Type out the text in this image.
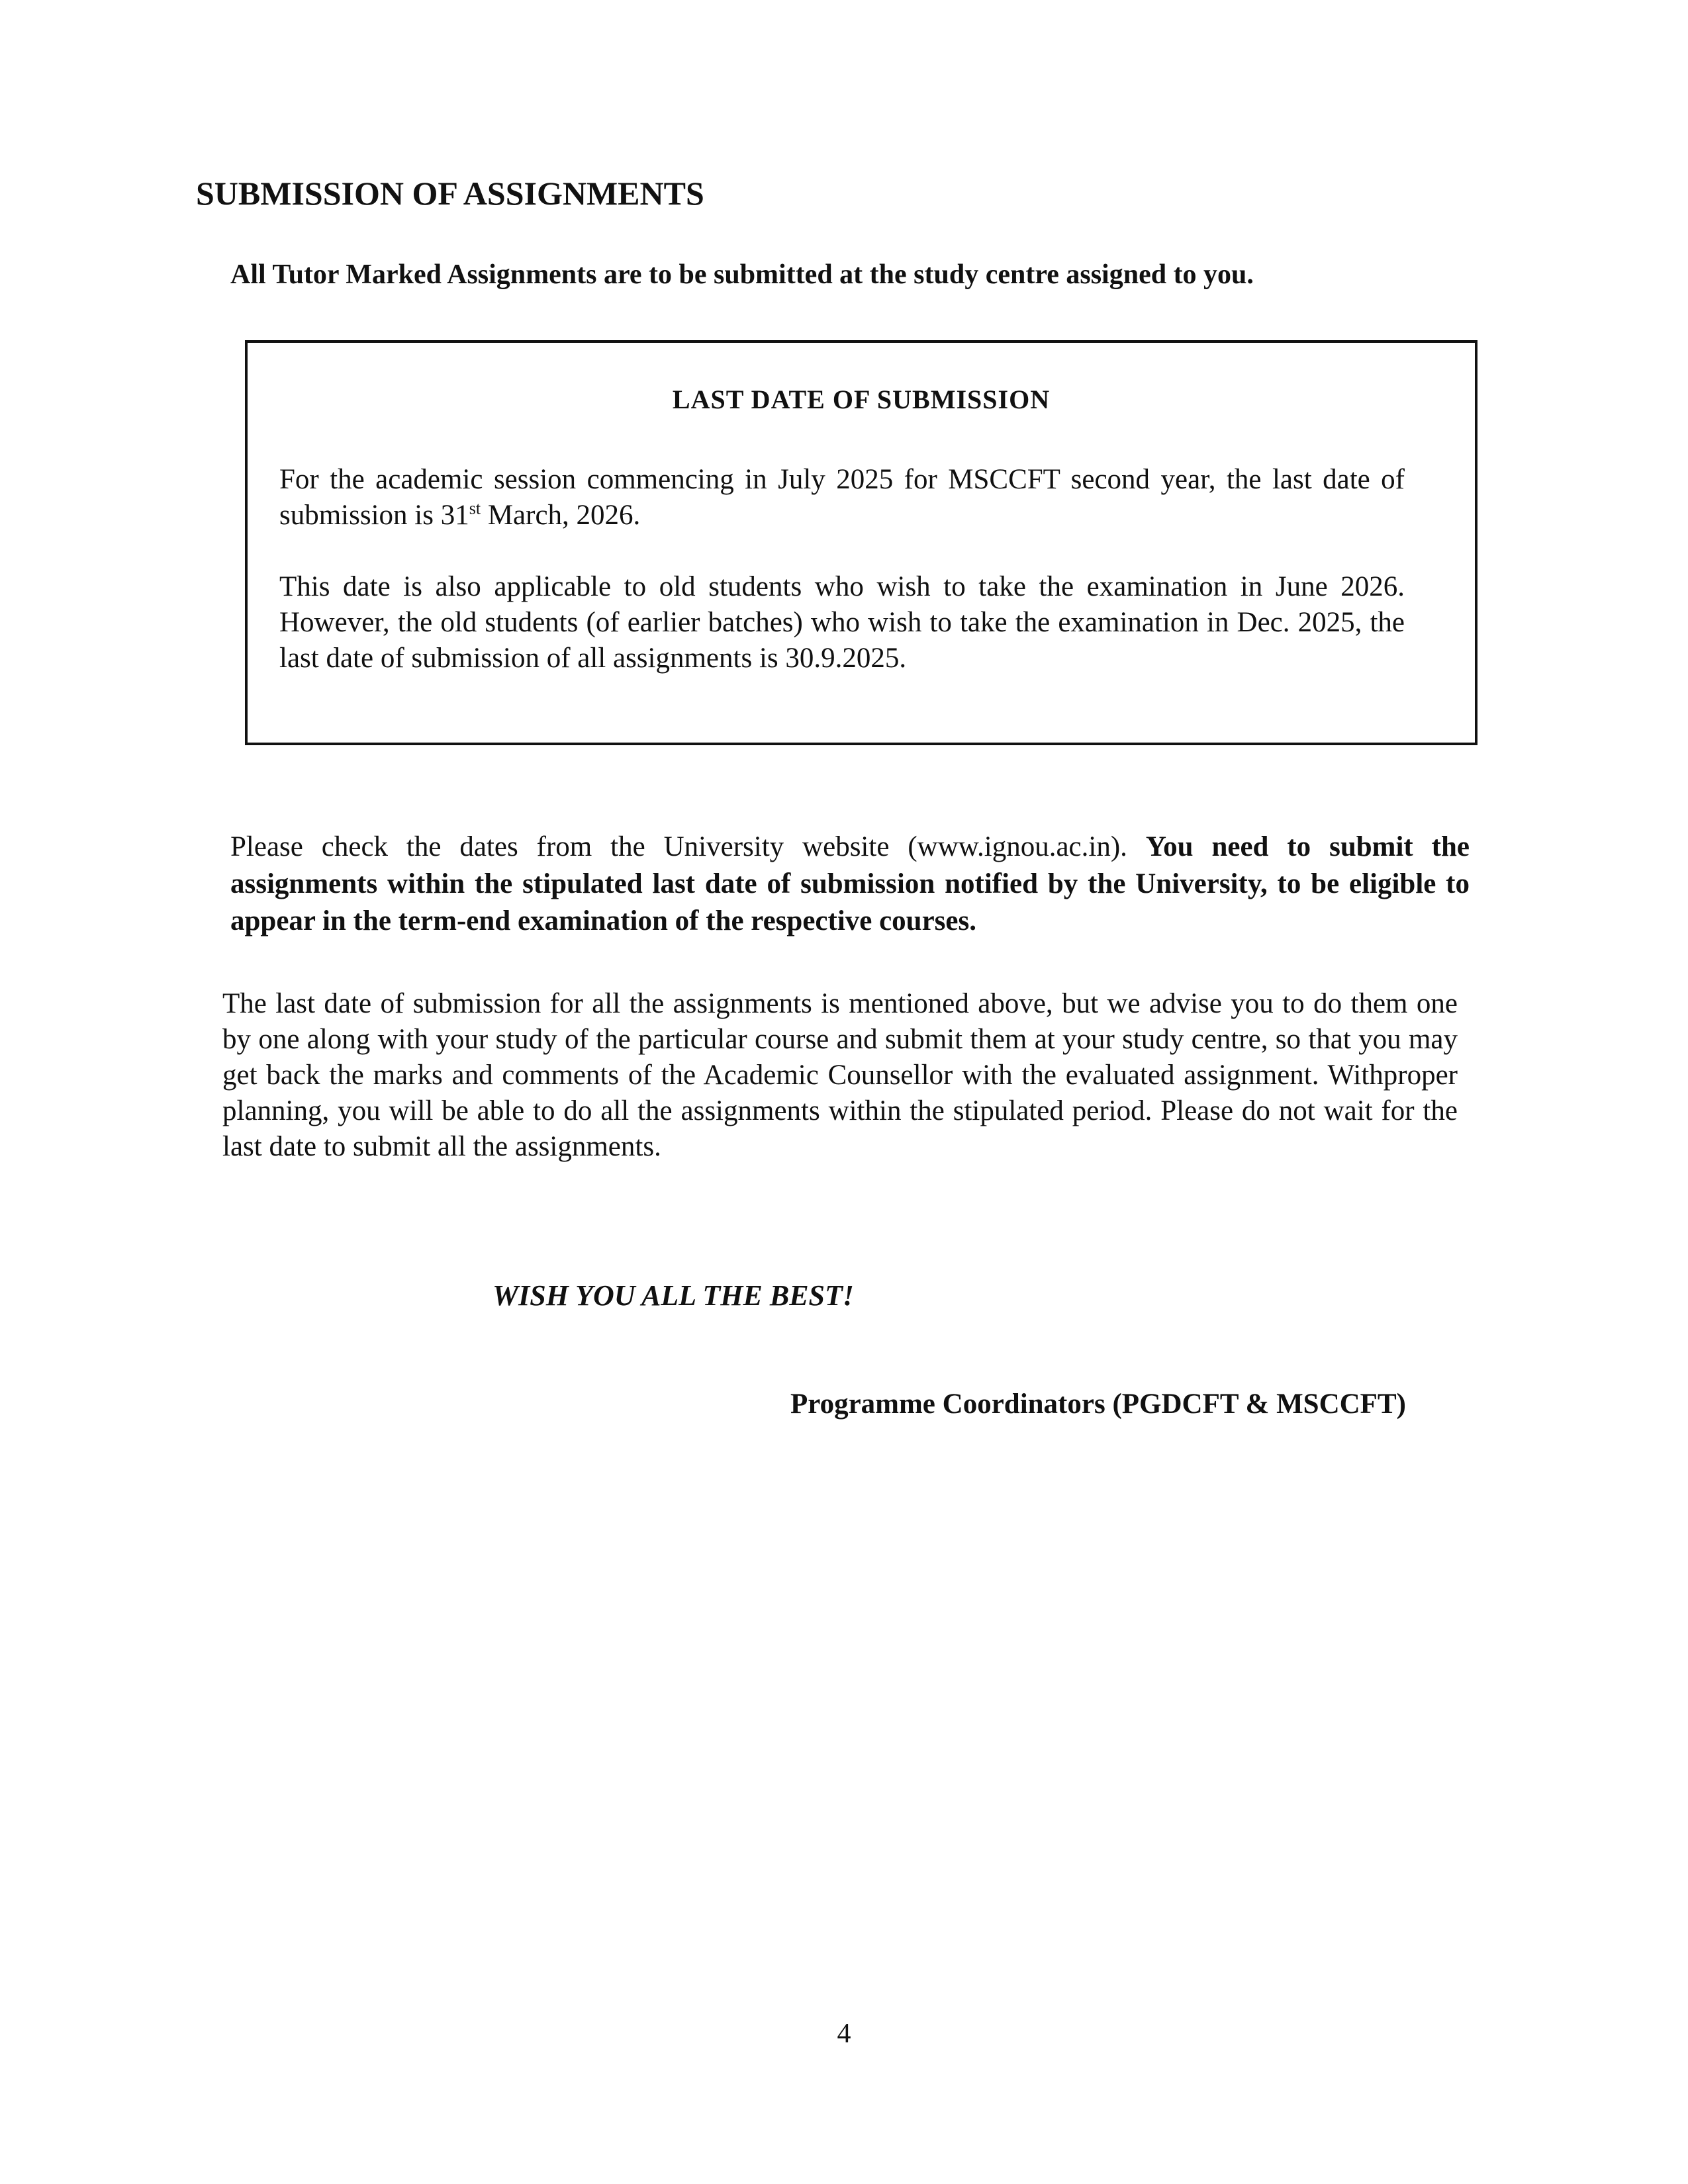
SUBMISSION OF ASSIGNMENTS

All Tutor Marked Assignments are to be submitted at the study centre assigned to you.

LAST DATE OF SUBMISSION

For the academic session commencing in July 2025 for MSCCFT second year, the last date of submission is 31st March, 2026.

This date is also applicable to old students who wish to take the examination in June 2026. However, the old students (of earlier batches) who wish to take the examination in Dec. 2025, the last date of submission of all assignments is 30.9.2025.

Please check the dates from the University website (www.ignou.ac.in). You need to submit the assignments within the stipulated last date of submission notified by the University, to be eligible to appear in the term-end examination of the respective courses.

The last date of submission for all the assignments is mentioned above, but we advise you to do them one by one along with your study of the particular course and submit them at your study centre, so that you may get back the marks and comments of the Academic Counsellor with the evaluated assignment. Withproper planning, you will be able to do all the assignments within the stipulated period. Please do not wait for the last date to submit all the assignments.

WISH YOU ALL THE BEST!

Programme Coordinators (PGDCFT & MSCCFT)

4
